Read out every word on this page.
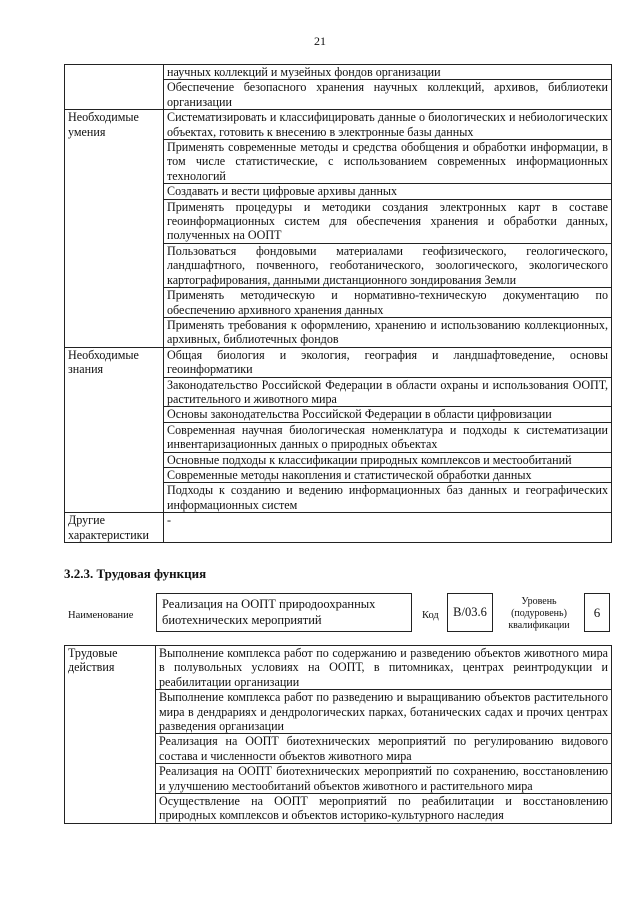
21
	научных коллекций и музейных фондов организации
	Обеспечение безопасного хранения научных коллекций, архивов, библиотеки организации
Необходимые умения	Систематизировать и классифицировать данные о биологических и небиологических объектах, готовить к внесению в электронные базы данных
	Применять современные методы и средства обобщения и обработки информации, в том числе статистические, с использованием современных информационных технологий
	Создавать и вести цифровые архивы данных
	Применять процедуры и методики создания электронных карт в составе геоинформационных систем для обеспечения хранения и обработки данных, полученных на ООПТ
	Пользоваться фондовыми материалами геофизического, геологического, ландшафтного, почвенного, геоботанического, зоологического, экологического картографирования, данными дистанционного зондирования Земли
	Применять методическую и нормативно-техническую документацию по обеспечению архивного хранения данных
	Применять требования к оформлению, хранению и использованию коллекционных, архивных, библиотечных фондов
Необходимые знания	Общая биология и экология, география и ландшафтоведение, основы геоинформатики
	Законодательство Российской Федерации в области охраны и использования ООПТ, растительного и животного мира
	Основы законодательства Российской Федерации в области цифровизации
	Современная научная биологическая номенклатура и подходы к систематизации инвентаризационных данных о природных объектах
	Основные подходы к классификации природных комплексов и местообитаний
	Современные методы накопления и статистической обработки данных
	Подходы к созданию и ведению информационных баз данных и географических информационных систем
Другие характеристики	-
3.2.3. Трудовая функция
Наименование
Реализация на ООПТ природоохранных биотехнических мероприятий	Код	B/03.6
Уровень (подуровень) квалификации
6
Трудовые действия	Выполнение комплекса работ по содержанию и разведению объектов животного мира в полувольных условиях на ООПТ, в питомниках, центрах реинтродукции и реабилитации организации
Выполнение комплекса работ по разведению и выращиванию объектов растительного мира в дендрариях и дендрологических парках, ботанических садах и прочих центрах разведения организации
Реализация на ООПТ биотехнических мероприятий по регулированию видового состава и численности объектов животного мира
Реализация на ООПТ биотехнических мероприятий по сохранению, восстановлению и улучшению местообитаний объектов животного и растительного мира
Осуществление на ООПТ мероприятий по реабилитации и восстановлению природных комплексов и объектов историко-культурного наследия
